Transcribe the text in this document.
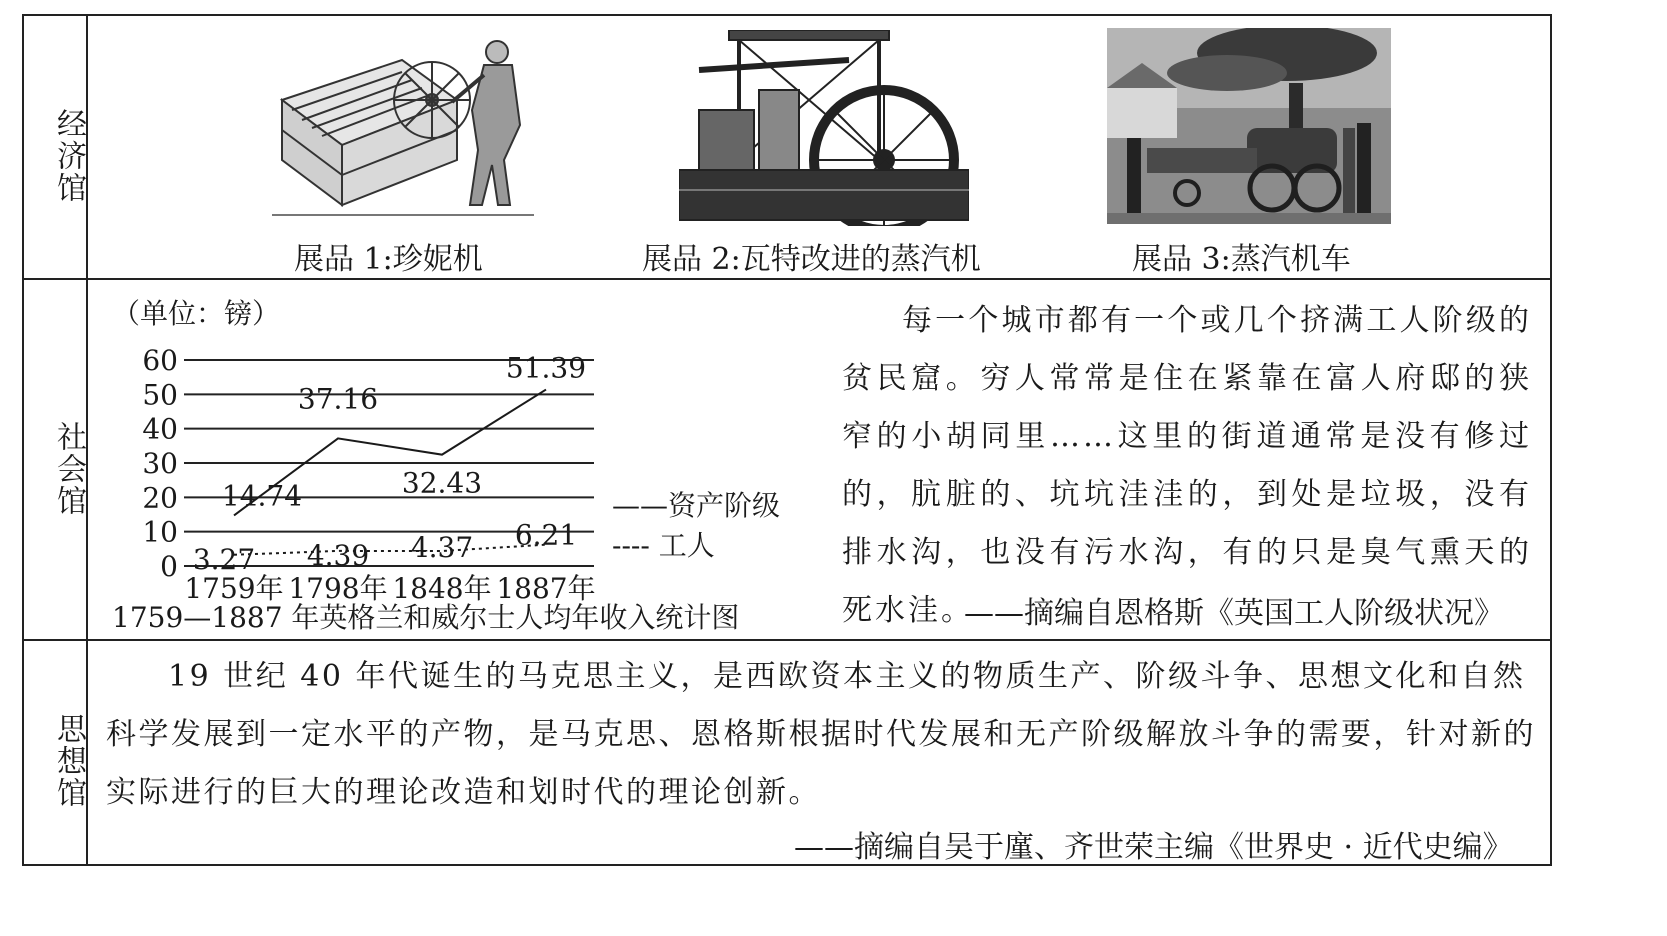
经济馆
展品 1:珍妮机	展品 2:瓦特改进的蒸汽机	展品 3:蒸汽机车
社会馆
（单位：镑）
0
10
20
30
40
50
60
1759年 1798年 1848年 1887年
14.74
37.16
32.43
51.39
3.27 4.39 4.37 6.21
——资产阶级
---- 工人
1759—1887 年英格兰和威尔士人均年收入统计图
每一个城市都有一个或几个挤满工人阶级的贫民窟。穷人常常是住在紧靠在富人府邸的狭窄的小胡同里……这里的街道通常是没有修过的，肮脏的、坑坑洼洼的，到处是垃圾，没有排水沟，也没有污水沟，有的只是臭气熏天的死水洼。
——摘编自恩格斯《英国工人阶级状况》
思想馆
19 世纪 40 年代诞生的马克思主义，是西欧资本主义的物质生产、阶级斗争、思想文化和自然科学发展到一定水平的产物，是马克思、恩格斯根据时代发展和无产阶级解放斗争的需要，针对新的实际进行的巨大的理论改造和划时代的理论创新。
——摘编自吴于廑、齐世荣主编《世界史 · 近代史编》
